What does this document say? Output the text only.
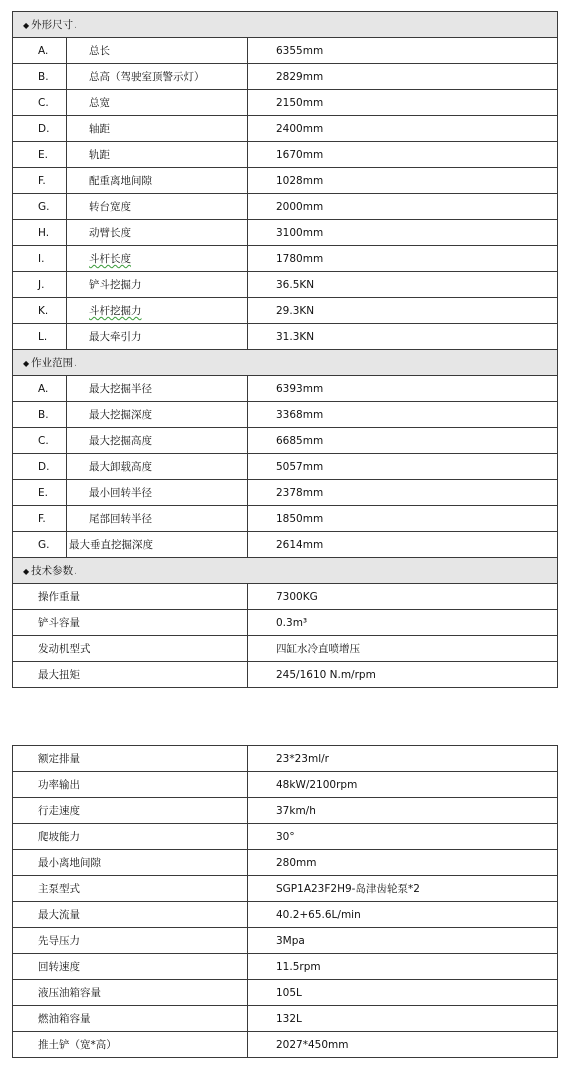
◆ 外形尺寸.		
A.	总长	6355mm
B.	总高（驾驶室顶警示灯）	2829mm
C.	总宽	2150mm
D.	轴距	2400mm
E.	轨距	1670mm
F.	配重离地间隙	1028mm
G.	转台宽度	2000mm
H.	动臂长度	3100mm
I.	斗杆长度	1780mm
J.	铲斗挖掘力	36.5KN
K.	斗杆挖掘力	29.3KN
L.	最大牵引力	31.3KN
◆ 作业范围.		
A.	最大挖掘半径	6393mm
B.	最大挖掘深度	3368mm
C.	最大挖掘高度	6685mm
D.	最大卸载高度	5057mm
E.	最小回转半径	2378mm
F.	尾部回转半径	1850mm
G.	最大垂直挖掘深度	2614mm
◆ 技术参数.		
操作重量		7300KG
铲斗容量		0.3m³
发动机型式		四缸水冷直喷增压
最大扭矩		245/1610 N.m/rpm

额定排量		23*23ml/r
功率输出		48kW/2100rpm
行走速度		37km/h
爬坡能力		30°
最小离地间隙		280mm
主泵型式		SGP1A23F2H9-岛津齿轮泵*2
最大流量		40.2+65.6L/min
先导压力		3Mpa
回转速度		11.5rpm
液压油箱容量		105L
燃油箱容量		132L
推土铲（宽*高）		2027*450mm
